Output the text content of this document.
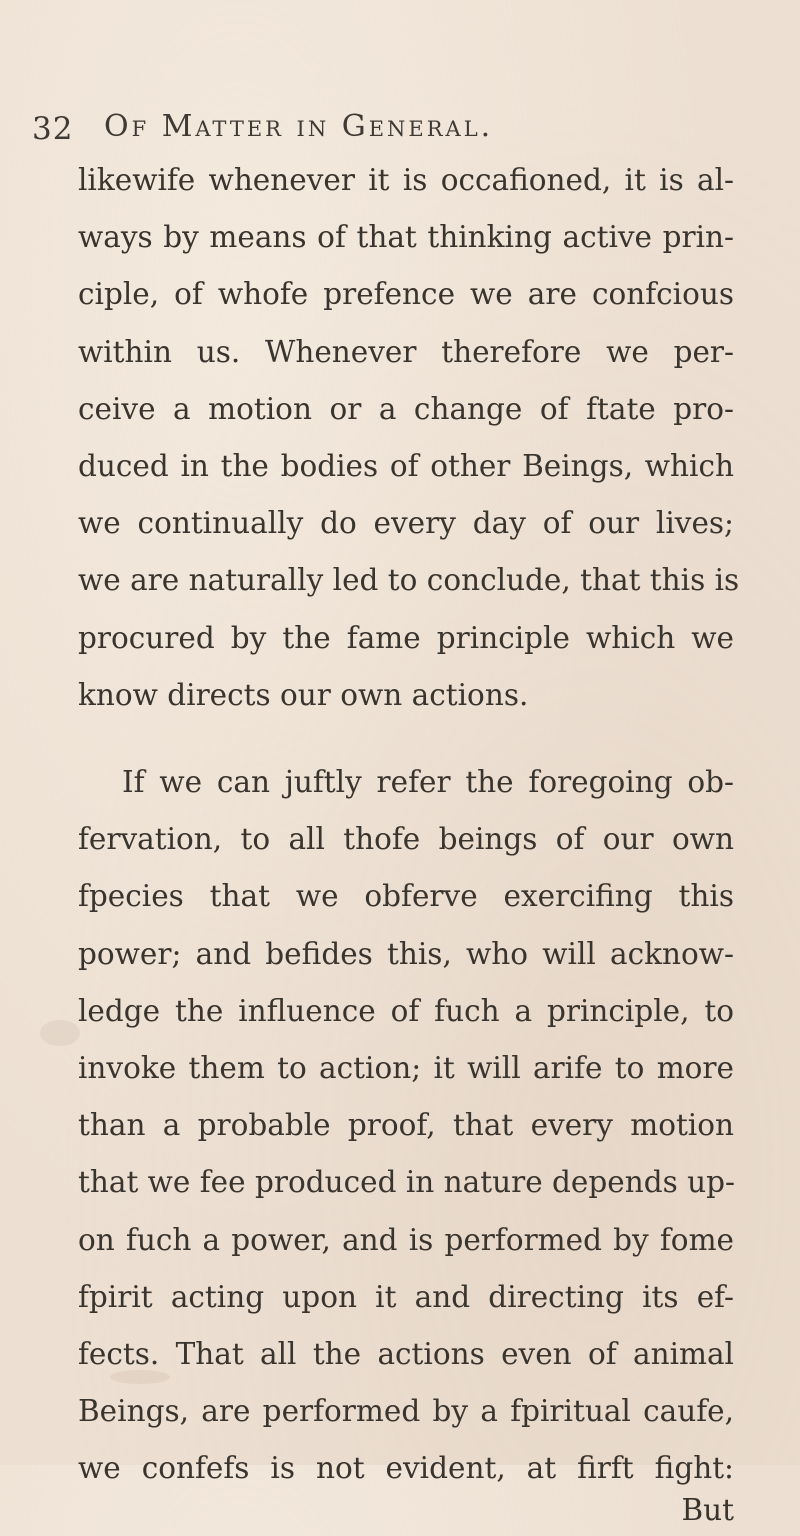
32 Of Matter in General.
likewife whenever it is occafioned, it is al-
ways by means of that thinking active prin-
ciple, of whofe prefence we are confcious
within us. Whenever therefore we per-
ceive a motion or a change of ftate pro-
duced in the bodies of other Beings, which
we continually do every day of our lives;
we are naturally led to conclude, that this is
procured by the fame principle which we
know directs our own actions.
If we can juftly refer the foregoing ob-
fervation, to all thofe beings of our own
fpecies that we obferve exercifing this
power; and befides this, who will acknow-
ledge the influence of fuch a principle, to
invoke them to action; it will arife to more
than a probable proof, that every motion
that we fee produced in nature depends up-
on fuch a power, and is performed by fome
fpirit acting upon it and directing its ef-
fects. That all the actions even of animal
Beings, are performed by a fpiritual caufe,
we confefs is not evident, at firft fight:
But
